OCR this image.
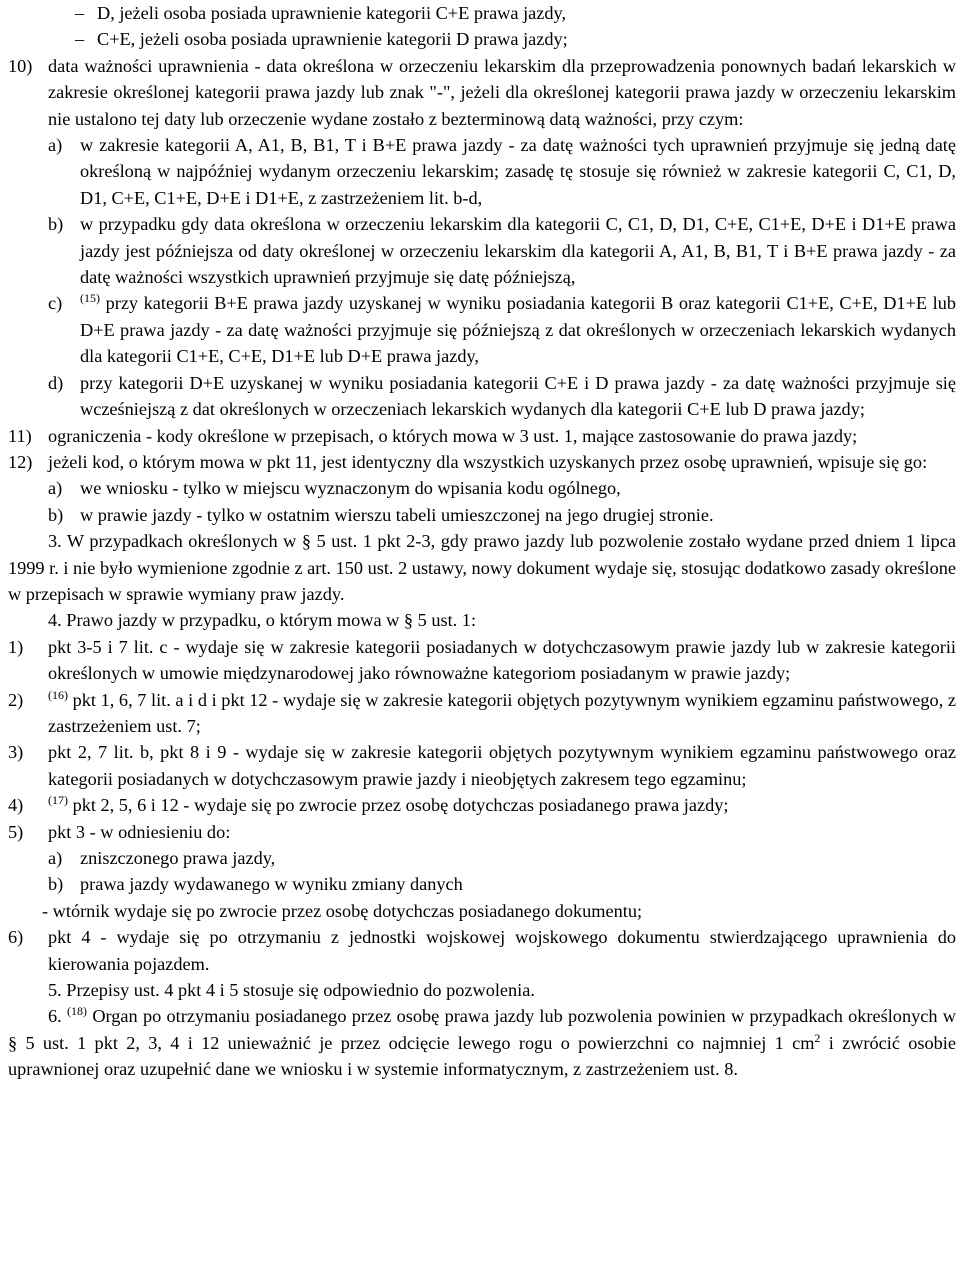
– D, jeżeli osoba posiada uprawnienie kategorii C+E prawa jazdy,
– C+E, jeżeli osoba posiada uprawnienie kategorii D prawa jazdy;
10) data ważności uprawnienia - data określona w orzeczeniu lekarskim dla przeprowadzenia ponownych badań lekarskich w zakresie określonej kategorii prawa jazdy lub znak "-", jeżeli dla określonej kategorii prawa jazdy w orzeczeniu lekarskim nie ustalono tej daty lub orzeczenie wydane zostało z bezterminową datą ważności, przy czym:

a) w zakresie kategorii A, A1, B, B1, T i B+E prawa jazdy - za datę ważności tych uprawnień przyjmuje się jedną datę określoną w najpóźniej wydanym orzeczeniu lekarskim; zasadę tę stosuje się również w zakresie kategorii C, C1, D, D1, C+E, C1+E, D+E i D1+E, z zastrzeżeniem lit. b-d,
b) w przypadku gdy data określona w orzeczeniu lekarskim dla kategorii C, C1, D, D1, C+E, C1+E, D+E i D1+E prawa jazdy jest późniejsza od daty określonej w orzeczeniu lekarskim dla kategorii A, A1, B, B1, T i B+E prawa jazdy - za datę ważności wszystkich uprawnień przyjmuje się datę późniejszą,
c)	$^{(15)}$ przy kategorii B+E prawa jazdy uzyskanej w wyniku posiadania kategorii B oraz kategorii C1+E, C+E, D1+E lub D+E prawa jazdy - za datę ważności przyjmuje się późniejszą z dat określonych w orzeczeniach lekarskich wydanych dla kategorii C1+E, C+E, D1+E lub D+E prawa jazdy,
d) przy kategorii D+E uzyskanej w wyniku posiadania kategorii C+E i D prawa jazdy - za datę ważności przyjmuje się wcześniejszą z dat określonych w orzeczeniach lekarskich wydanych dla kategorii C+E lub D prawa jazdy;
11) ograniczenia - kody określone w przepisach, o których mowa w 3 ust. 1, mające zastosowanie do prawa jazdy;
12) jeżeli kod, o którym mowa w pkt 11, jest identyczny dla wszystkich uzyskanych przez osobę uprawnień, wpisuje się go:

a) we wniosku - tylko w miejscu wyznaczonym do wpisania kodu ogólnego,
b) w prawie jazdy - tylko w ostatnim wierszu tabeli umieszczonej na jego drugiej stronie.

3. W przypadkach określonych w § 5 ust. 1 pkt 2-3, gdy prawo jazdy lub pozwolenie zostało wydane przed dniem 1 lipca 1999 r. i nie było wymienione zgodnie z art. 150 ust. 2 ustawy, nowy dokument wydaje się, stosując dodatkowo zasady określone w przepisach w sprawie wymiany praw jazdy.

4. Prawo jazdy w przypadku, o którym mowa w § 5 ust. 1:

1)	pkt 3-5 i 7 lit. c - wydaje się w zakresie kategorii posiadanych w dotychczasowym prawie jazdy lub w zakresie kategorii określonych w umowie międzynarodowej jako równoważne kategoriom posiadanym w prawie jazdy;
2)	$^{(16)}$ pkt 1, 6, 7 lit. a i d i pkt 12 - wydaje się w zakresie kategorii objętych pozytywnym wynikiem egzaminu państwowego, z zastrzeżeniem ust. 7;
3)	pkt 2, 7 lit. b, pkt 8 i 9 - wydaje się w zakresie kategorii objętych pozytywnym wynikiem egzaminu państwowego oraz kategorii posiadanych w dotychczasowym prawie jazdy i nieobjętych zakresem tego egzaminu;
4)	$^{(17)}$ pkt 2, 5, 6 i 12 - wydaje się po zwrocie przez osobę dotychczas posiadanego prawa jazdy;
5)	pkt 3 - w odniesieniu do:

a) zniszczonego prawa jazdy,
b) prawa jazdy wydawanego w wyniku zmiany danych

- wtórnik wydaje się po zwrocie przez osobę dotychczas posiadanego dokumentu;

6)	pkt 4 - wydaje się po otrzymaniu z jednostki wojskowej wojskowego dokumentu stwierdzającego uprawnienia do kierowania pojazdem.

5. Przepisy ust. 4 pkt 4 i 5 stosuje się odpowiednio do pozwolenia.

6. $^{(18)}$ Organ po otrzymaniu posiadanego przez osobę prawa jazdy lub pozwolenia powinien w przypadkach określonych w § 5 ust. 1 pkt 2, 3, 4 i 12 unieważnić je przez odcięcie lewego rogu o powierzchni co najmniej 1 $cm^2$ i zwrócić osobie uprawnionej oraz uzupełnić dane we wniosku i w systemie informatycznym, z zastrzeżeniem ust. 8.
